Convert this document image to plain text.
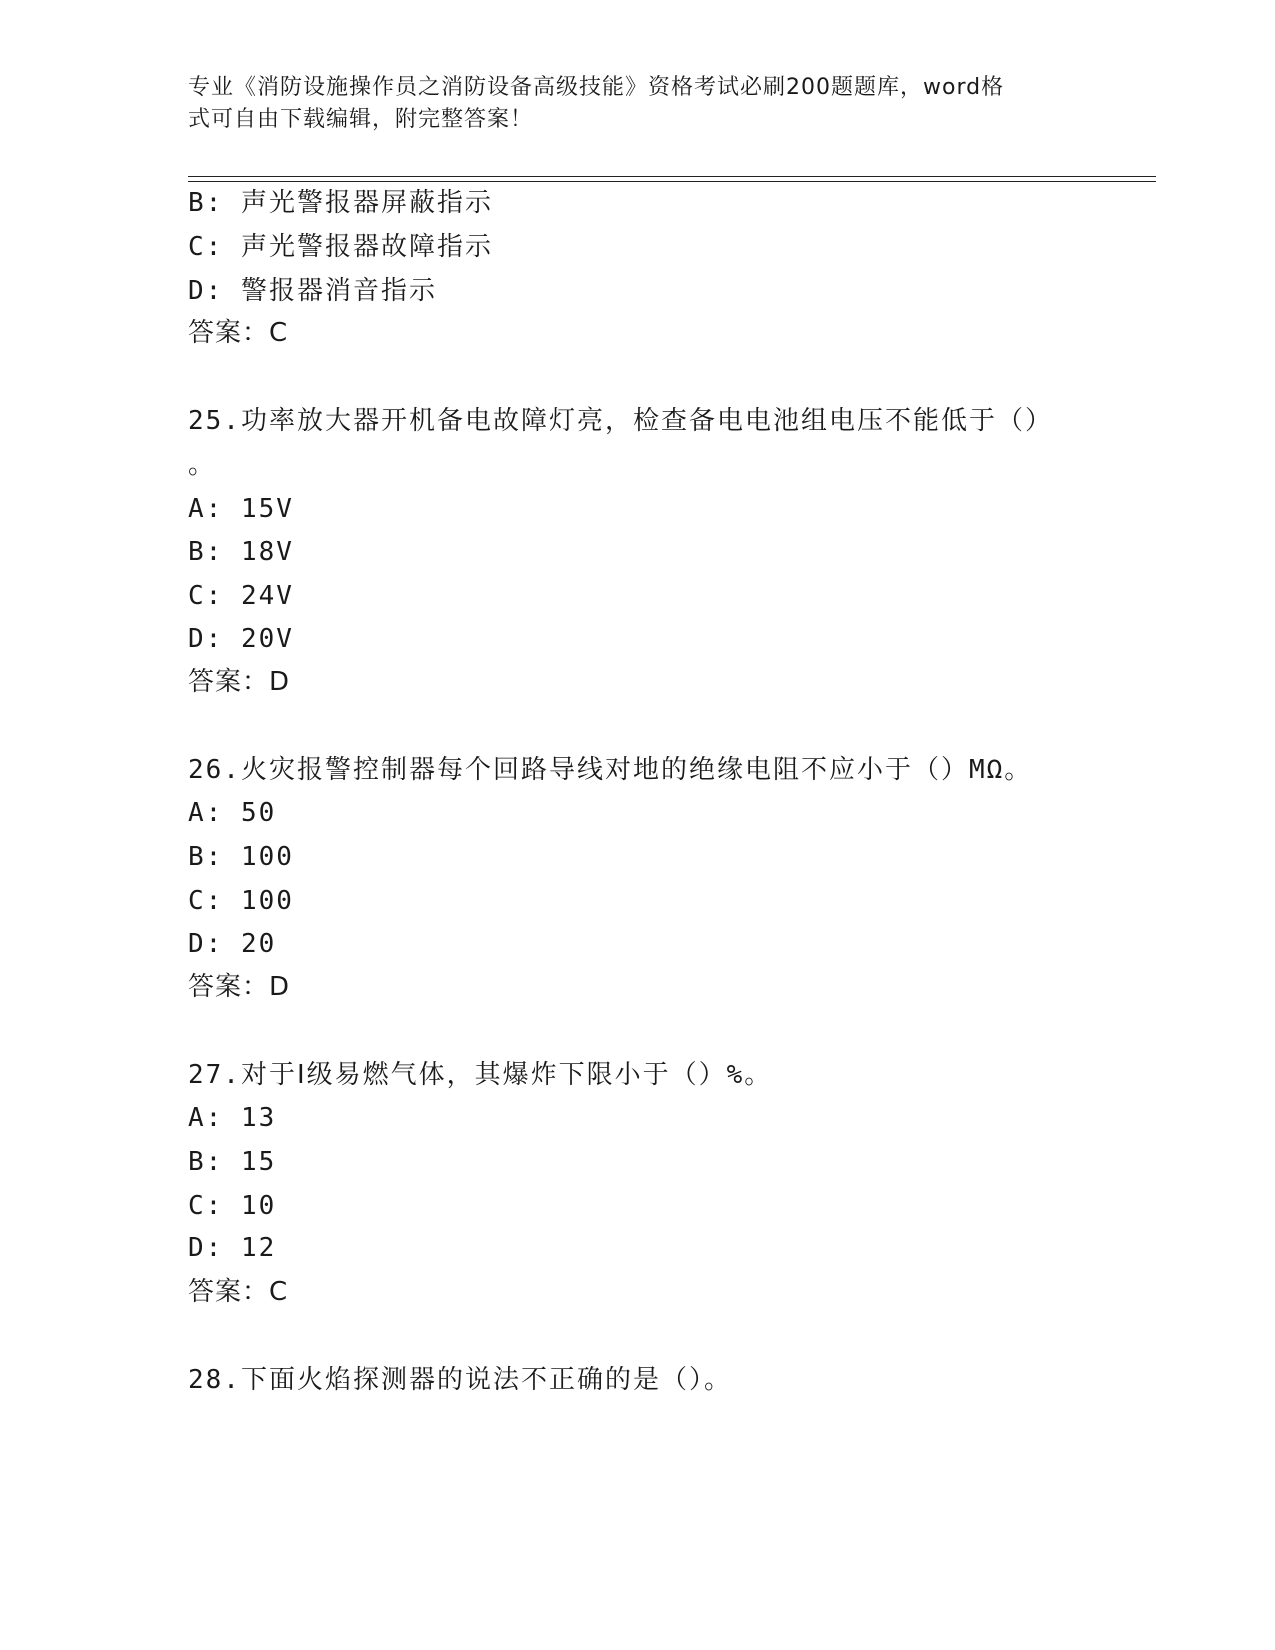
专业《消防设施操作员之消防设备高级技能》资格考试必刷200题题库，word格
式可自由下载编辑，附完整答案！
B: 声光警报器屏蔽指示
C: 声光警报器故障指示
D: 警报器消音指示
答案：C
25.功率放大器开机备电故障灯亮，检查备电电池组电压不能低于（）
。
A: 15V
B: 18V
C: 24V
D: 20V
答案：D
26.火灾报警控制器每个回路导线对地的绝缘电阻不应小于（）MΩ。
A: 50
B: 100
C: 100
D: 20
答案：D
27.对于Ⅰ级易燃气体，其爆炸下限小于（）%。
A: 13
B: 15
C: 10
D: 12
答案：C
28.下面火焰探测器的说法不正确的是（）。
